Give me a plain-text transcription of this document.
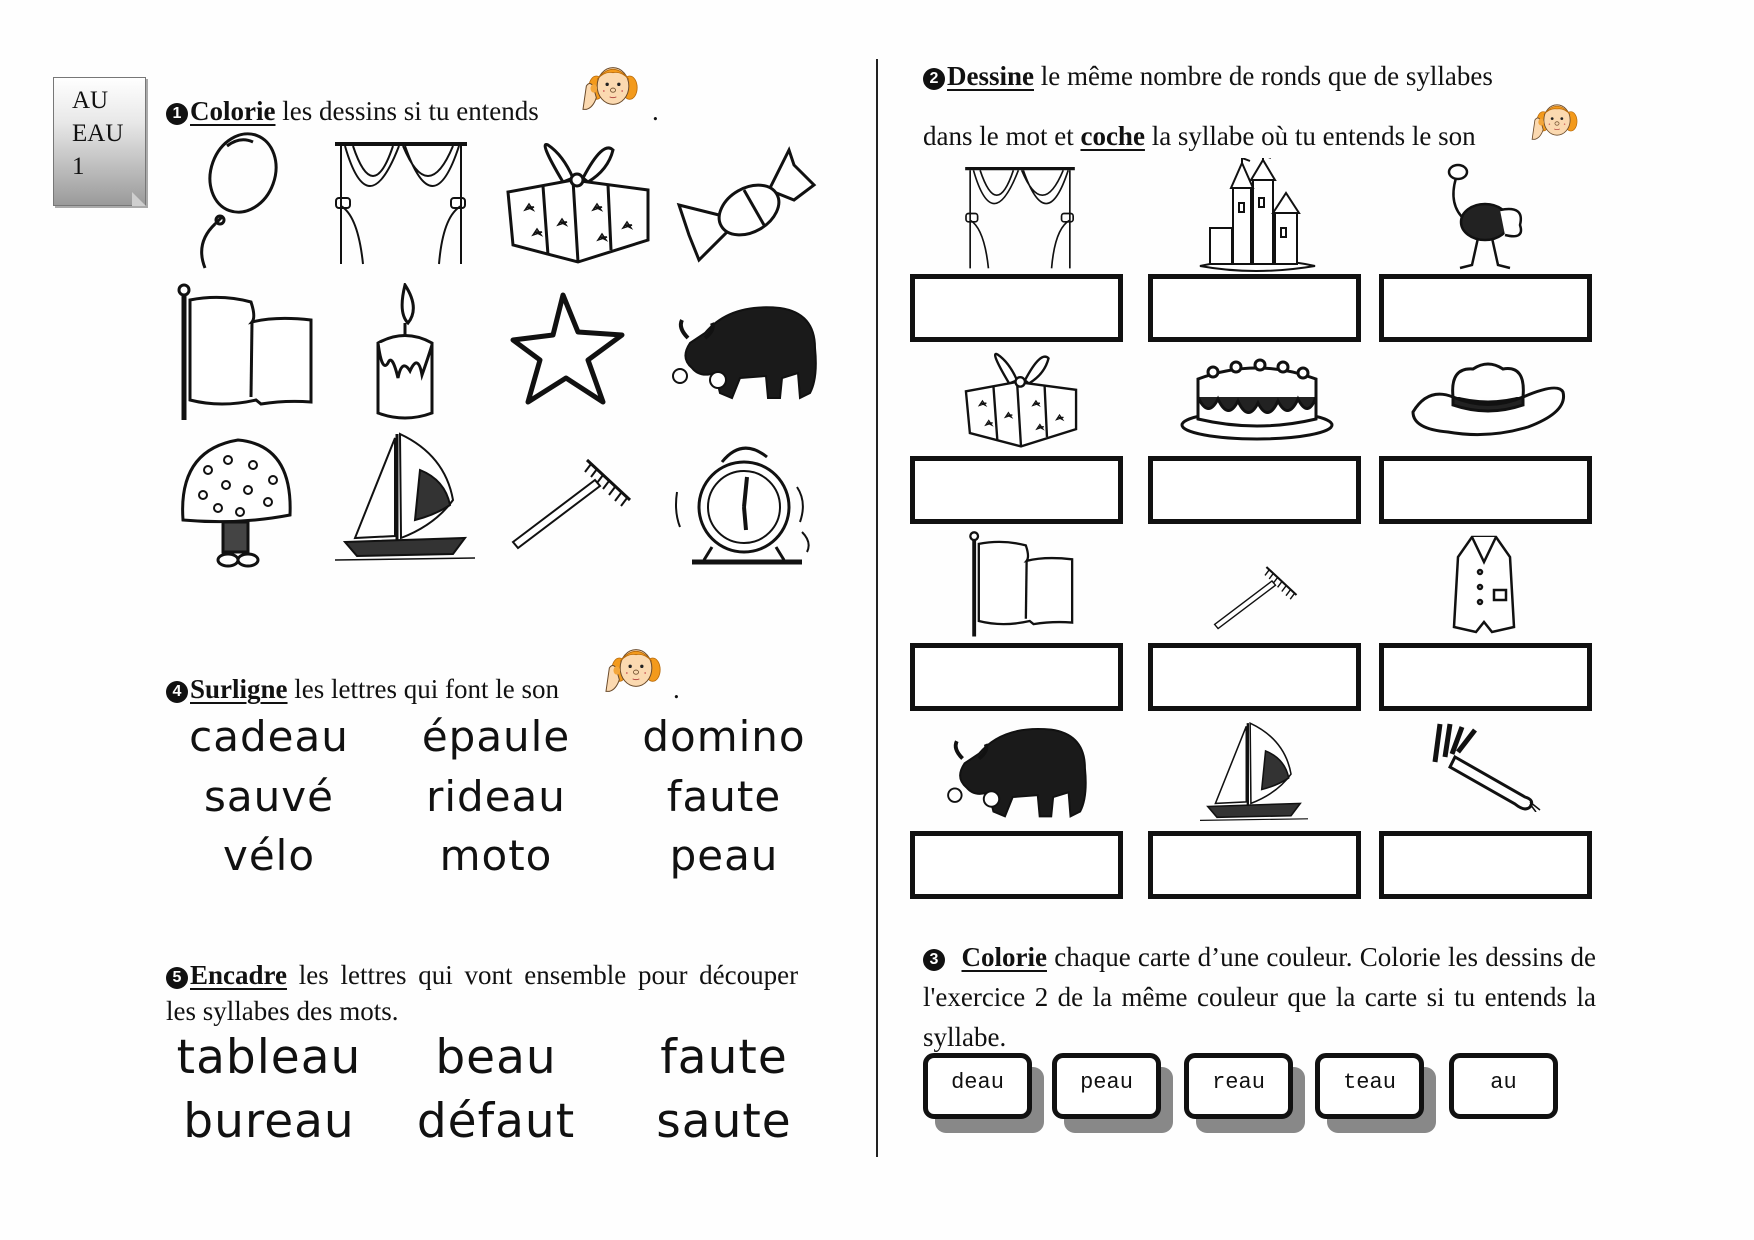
AU
EAU
1
1 Colorie les dessins si tu entends	.
4 Surligne les lettres qui font le son	.
cadeau épaule domino
sauvé rideau faute
vélo	moto	peau
5 Encadre les lettres qui vont ensemble pour découper
les syllabes des mots.
tableau beau faute
bureau défaut saute
2 Dessine le même nombre de ronds que de syllabes
dans le mot et coche la syllabe où tu entends le son
3 Colorie chaque carte d’une couleur. Colorie les dessins de l'exercice 2 de la même couleur que la carte si tu entends la syllabe.
deau	peau	reau	teau	au
